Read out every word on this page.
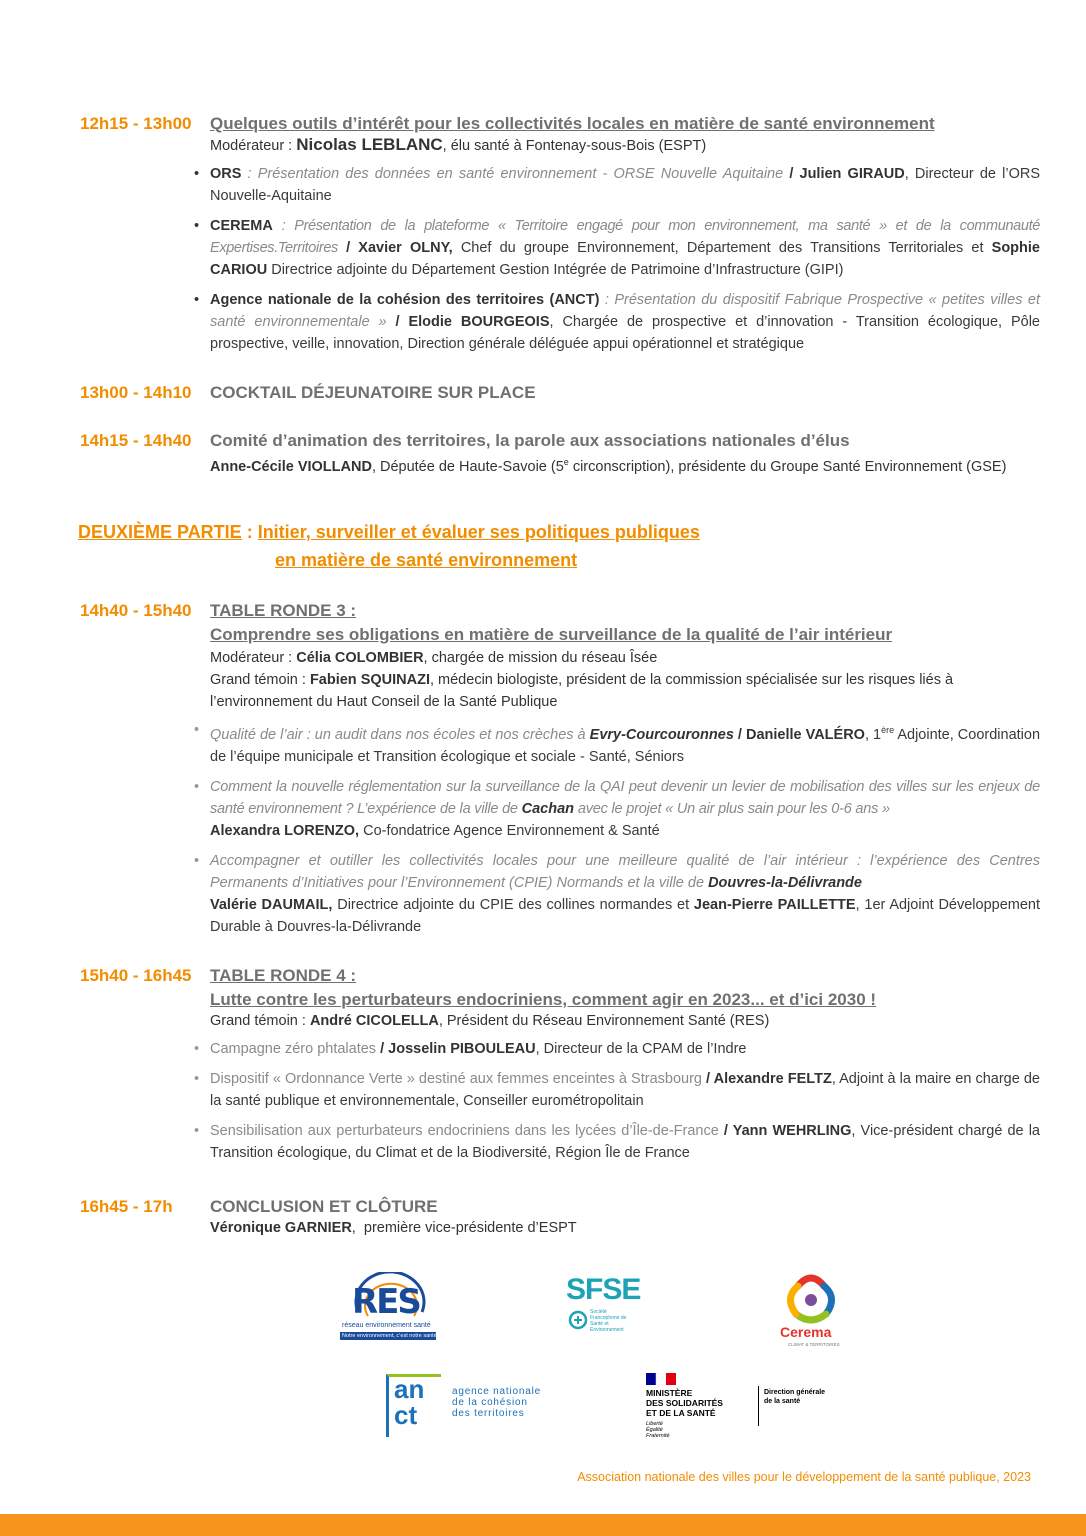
12h15 - 13h00	Quelques outils d’intérêt pour les collectivités locales en matière de santé environnement
Modérateur : Nicolas LEBLANC, élu santé à Fontenay-sous-Bois (ESPT)
• ORS : Présentation des données en santé environnement - ORSE Nouvelle Aquitaine / Julien GIRAUD, Directeur de l’ORS Nouvelle-Aquitaine
• CEREMA : Présentation de la plateforme « Territoire engagé pour mon environnement, ma santé » et de la communauté Expertises.Territoires / Xavier OLNY, Chef du groupe Environnement, Département des Transitions Territoriales et Sophie CARIOU Directrice adjointe du Département Gestion Intégrée de Patrimoine d’Infrastructure (GIPI)
• Agence nationale de la cohésion des territoires (ANCT) : Présentation du dispositif Fabrique Prospective « petites villes et santé environnementale » / Elodie BOURGEOIS, Chargée de prospective et d’innovation - Transition écologique, Pôle prospective, veille, innovation, Direction générale déléguée appui opérationnel et stratégique
13h00 - 14h10	COCKTAIL DÉJEUNATOIRE SUR PLACE
14h15 - 14h40	Comité d’animation des territoires, la parole aux associations nationales d’élus
Anne-Cécile VIOLLAND, Députée de Haute-Savoie (5e circonscription), présidente du Groupe Santé Environnement (GSE)
DEUXIÈME PARTIE : Initier, surveiller et évaluer ses politiques publiques
en matière de santé environnement
14h40 - 15h40	TABLE RONDE 3 :
Comprendre ses obligations en matière de surveillance de la qualité de l’air intérieur
Modérateur : Célia COLOMBIER, chargée de mission du réseau Îsée
Grand témoin : Fabien SQUINAZI, médecin biologiste, président de la commission spécialisée sur les risques liés à l’environnement du Haut Conseil de la Santé Publique
• Qualité de l’air : un audit dans nos écoles et nos crèches à Evry-Courcouronnes / Danielle VALÉRO, 1ère Adjointe, Coordination de l’équipe municipale et Transition écologique et sociale - Santé, Séniors
• Comment la nouvelle réglementation sur la surveillance de la QAI peut devenir un levier de mobilisation des villes sur les enjeux de santé environnement ? L’expérience de la ville de Cachan avec le projet « Un air plus sain pour les 0-6 ans »
Alexandra LORENZO, Co-fondatrice Agence Environnement & Santé
• Accompagner et outiller les collectivités locales pour une meilleure qualité de l’air intérieur : l’expérience des Centres Permanents d’Initiatives pour l’Environnement (CPIE) Normands et la ville de Douvres-la-Délivrande
Valérie DAUMAIL, Directrice adjointe du CPIE des collines normandes et Jean-Pierre PAILLETTE, 1er Adjoint Développement Durable à Douvres-la-Délivrande
15h40 - 16h45	TABLE RONDE 4 :
Lutte contre les perturbateurs endocriniens, comment agir en 2023... et d’ici 2030 !
Grand témoin : André CICOLELLA, Président du Réseau Environnement Santé (RES)
• Campagne zéro phtalates / Josselin PIBOULEAU, Directeur de la CPAM de l’Indre
• Dispositif « Ordonnance Verte » destiné aux femmes enceintes à Strasbourg / Alexandre FELTZ, Adjoint à la maire en charge de la santé publique et environnementale, Conseiller eurométropolitain
• Sensibilisation aux perturbateurs endocriniens dans les lycées d’Île-de-France / Yann WEHRLING, Vice-président chargé de la Transition écologique, du Climat et de la Biodiversité, Région Île de France
16h45 - 17h	CONCLUSION ET CLÔTURE
Véronique GARNIER,  première vice-présidente d’ESPT
RES
réseau environnement santé
Notre environnement, c’est notre santé
SFSE
Société Francophone de Santé et Environnement	Cerema
CLIMAT & TERRITOIRES
an
ct
agence nationale
de la cohésion
des territoires
MINISTÈRE
DES SOLIDARITÉS
ET DE LA SANTÉ
Liberté
Égalité
Fraternité
Direction générale
de la santé
Association nationale des villes pour le développement de la santé publique, 2023
